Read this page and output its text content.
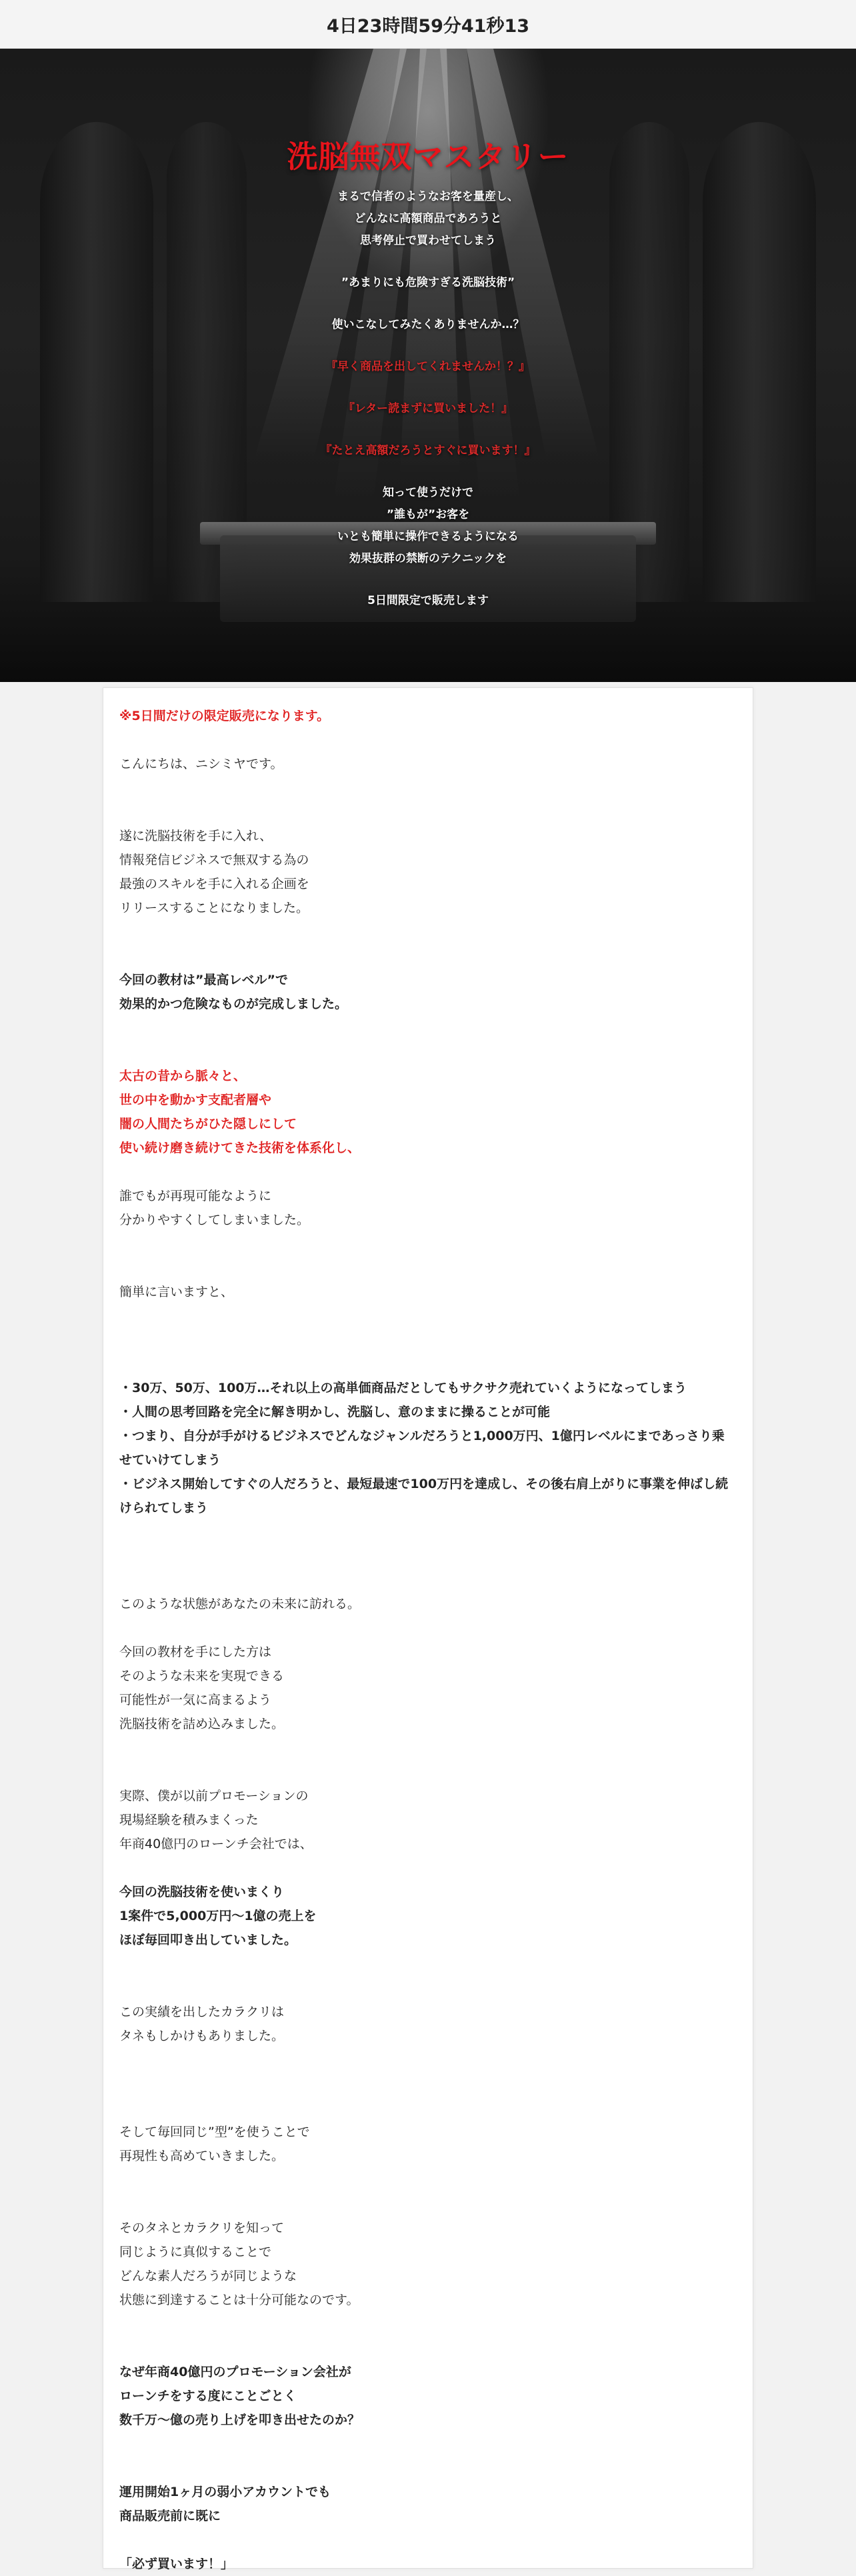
4日23時間59分41秒13
洗脳無双マスタリー
まるで信者のようなお客を量産し、
どんなに高額商品であろうと
思考停止で買わせてしまう
”あまりにも危険すぎる洗脳技術”
使いこなしてみたくありませんか…？
『早く商品を出してくれませんか！？』
『レター読まずに買いました！』
『たとえ高額だろうとすぐに買います！』
知って使うだけで
”誰もが”お客を
いとも簡単に操作できるようになる
効果抜群の禁断のテクニックを
5日間限定で販売します

※5日間だけの限定販売になります。

こんにちは、ニシミヤです。

遂に洗脳技術を手に入れ、

情報発信ビジネスで無双する為の

最強のスキルを手に入れる企画を

リリースすることになりました。

今回の教材は”最高レベル”で

効果的かつ危険なものが完成しました。

太古の昔から脈々と、

世の中を動かす支配者層や

闇の人間たちがひた隠しにして

使い続け磨き続けてきた技術を体系化し、

誰でもが再現可能なように

分かりやすくしてしまいました。

簡単に言いますと、

・30万、50万、100万…それ以上の高単価商品だとしてもサクサク売れていくようになってしまう

・人間の思考回路を完全に解き明かし、洗脳し、意のままに操ることが可能

・つまり、自分が手がけるビジネスでどんなジャンルだろうと1,000万円、1億円レベルにまであっさり乗せていけてしまう

・ビジネス開始してすぐの人だろうと、最短最速で100万円を達成し、その後右肩上がりに事業を伸ばし続けられてしまう

このような状態があなたの未来に訪れる。

今回の教材を手にした方は

そのような未来を実現できる

可能性が一気に高まるよう

洗脳技術を詰め込みました。

実際、僕が以前プロモーションの

現場経験を積みまくった

年商40億円のローンチ会社では、

今回の洗脳技術を使いまくり

1案件で5,000万円〜1億の売上を

ほぼ毎回叩き出していました。

この実績を出したカラクリは

タネもしかけもありました。

そして毎回同じ”型”を使うことで

再現性も高めていきました。

そのタネとカラクリを知って

同じように真似することで

どんな素人だろうが同じような

状態に到達することは十分可能なのです。

なぜ年商40億円のプロモーション会社が

ローンチをする度にことごとく

数千万〜億の売り上げを叩き出せたのか？

運用開始1ヶ月の弱小アカウントでも

商品販売前に既に

「必ず買います！」
